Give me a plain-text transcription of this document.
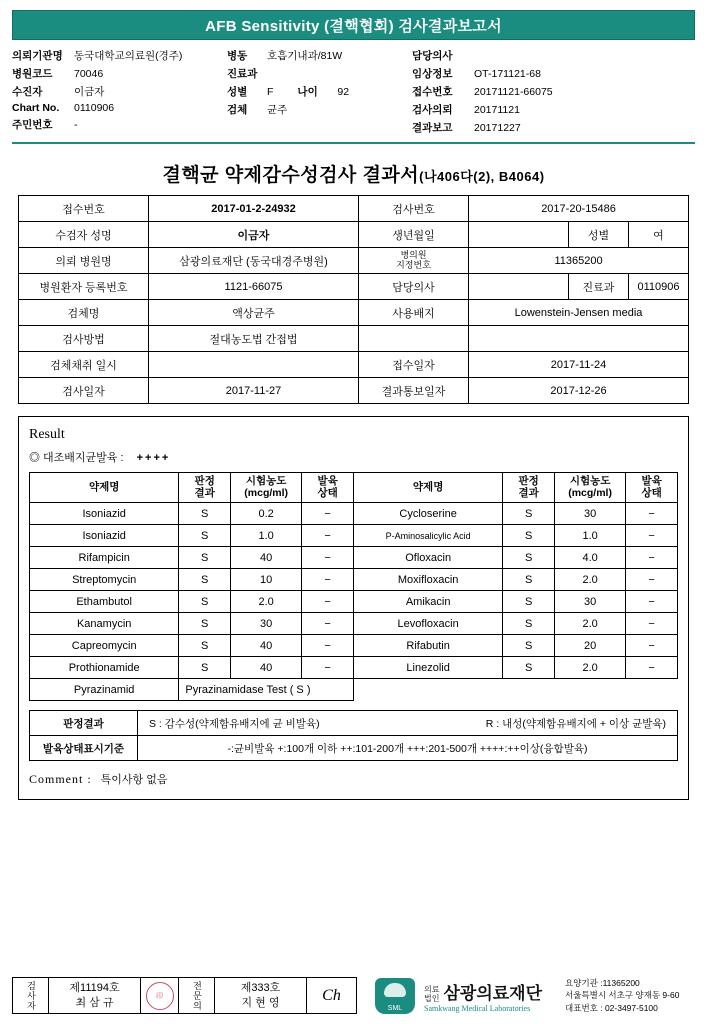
AFB Sensitivity (결핵협회) 검사결과보고서
의뢰기관명	동국대학교의료원(경주)
병원코드	70046
수진자	이금자
Chart No.	0110906
주민번호	-
병동	호흡기내과/81W
진료과
성별	F 나이	92
검체	균주
담당의사
임상정보	OT-171121-68
접수번호	20171121-66075
검사의뢰	20171121
결과보고	20171227
결핵균 약제감수성검사 결과서(나406다(2), B4064)
접수번호	2017-01-2-24932	검사번호	2017-20-15486		
수검자 성명	이금자	생년월일		성별	여
의뢰 병원명	삼광의료재단 (동국대경주병원)	병의원
지정번호	11365200		
병원환자 등록번호	1121-66075	담당의사		진료과	0110906
검체명	액상균주	사용배지	Lowenstein-Jensen media		
검사방법	절대농도법 간접법				
검체채취 일시		접수일자	2017-11-24		
검사일자	2017-11-27	결과통보일자	2017-12-26		
Result
◎ 대조배지균발육 : ++++
약제명	판정
결과	시험농도
(mcg/ml)	발육
상태	약제명	판정
결과	시험농도
(mcg/ml)	발육
상태
Isoniazid	S	0.2	−	Cycloserine	S	30	−
Isoniazid	S	1.0	−	P-Aminosalicylic Acid	S	1.0	−
Rifampicin	S	40	−	Ofloxacin	S	4.0	−
Streptomycin	S	10	−	Moxifloxacin	S	2.0	−
Ethambutol	S	2.0	−	Amikacin	S	30	−
Kanamycin	S	30	−	Levofloxacin	S	2.0	−
Capreomycin	S	40	−	Rifabutin	S	20	−
Prothionamide	S	40	−	Linezolid	S	2.0	−
Pyrazinamid	Pyrazinamidase Test ( S )						
판정결과	S : 감수성(약제함유배지에 균 비발육) R : 내성(약제함유배지에 + 이상 균발육)

발육상태표시기준	-:균비발육 +:100개 이하 ++:101-200개 +++:201-500개 ++++:++이상(융합발육)
Comment : 특이사항 없음
검사자	제11194호
최 삼 규	
印	전문의	제333호
지 현 영	Ch
SML
의료
법인 삼광의료재단
Samkwang Medical Laboratories
요양기관 :11365200
서울특별시 서초구 양재동 9-60
대표번호 : 02-3497-5100
